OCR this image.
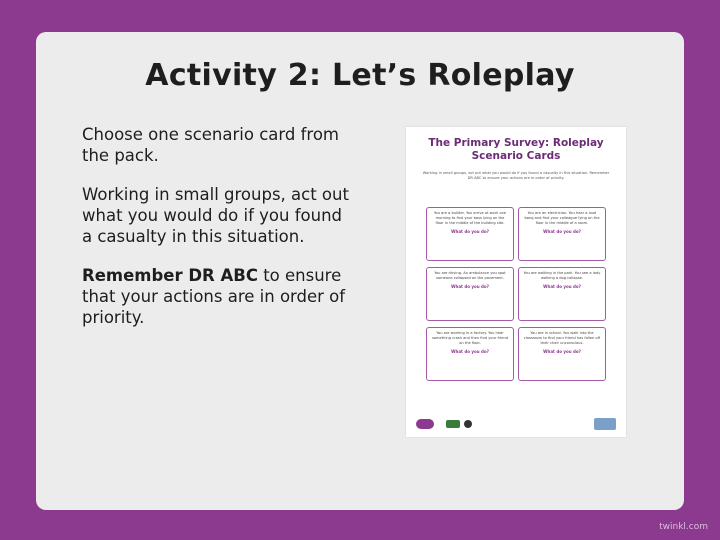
Activity 2: Let’s Roleplay

Choose one scenario card from the pack.

Working in small groups, act out what you would do if you found a casualty in this situation.

Remember DR ABC to ensure that your actions are in order of priority.

The Primary Survey: Roleplay
Scenario Cards
Working in small groups, act out what you would do if you found a casualty in this situation. Remember DR ABC to ensure your actions are in order of priority.
You are a builder. You arrive at work one morning to find your boss lying on the floor in the middle of the building site.
What do you do?
You are an electrician. You hear a loud bang and find your colleague lying on the floor in the middle of a room.
What do you do?
You are driving. An ambulance you spot someone collapsed on the pavement.
What do you do?
You are walking in the park. You see a lady walking a dog collapse.
What do you do?
You are working in a factory. You hear something crash and then find your friend on the floor.
What do you do?
You are in school. You walk into the classroom to find your friend has fallen off their chair unconscious.
What do you do?
twinkl.com
